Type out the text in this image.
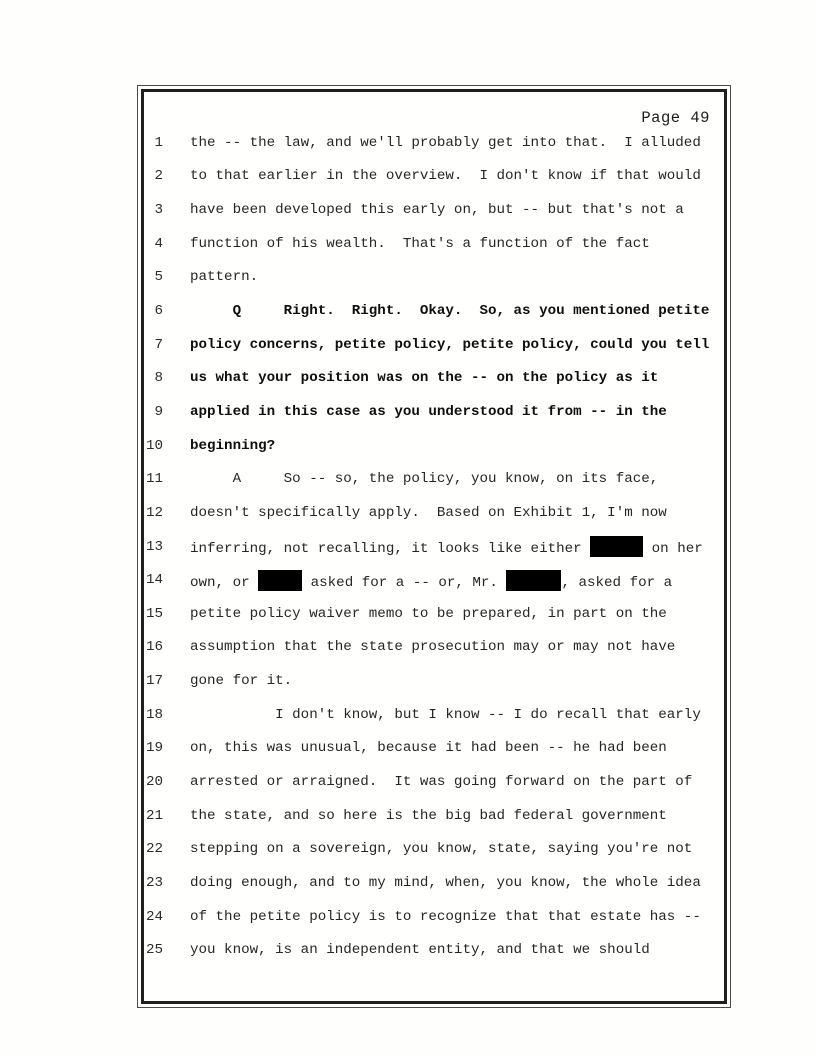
Page 49
1 the -- the law, and we'll probably get into that.  I alluded
2 to that earlier in the overview.  I don't know if that would
3 have been developed this early on, but -- but that's not a
4 function of his wealth.  That's a function of the fact
5 pattern.
6 Q     Right.  Right.  Okay.  So, as you mentioned petite
7 policy concerns, petite policy, petite policy, could you tell
8 us what your position was on the -- on the policy as it
9 applied in this case as you understood it from -- in the
10 beginning?
11 A     So -- so, the policy, you know, on its face,
12 doesn't specifically apply.  Based on Exhibit 1, I'm now
13 inferring, not recalling, it looks like either	on her
14 own, or	asked for a -- or, Mr.	, asked for a
15 petite policy waiver memo to be prepared, in part on the
16 assumption that the state prosecution may or may not have
17 gone for it.
18 I don't know, but I know -- I do recall that early
19 on, this was unusual, because it had been -- he had been
20 arrested or arraigned.  It was going forward on the part of
21 the state, and so here is the big bad federal government
22 stepping on a sovereign, you know, state, saying you're not
23 doing enough, and to my mind, when, you know, the whole idea
24 of the petite policy is to recognize that that estate has --
25 you know, is an independent entity, and that we should
